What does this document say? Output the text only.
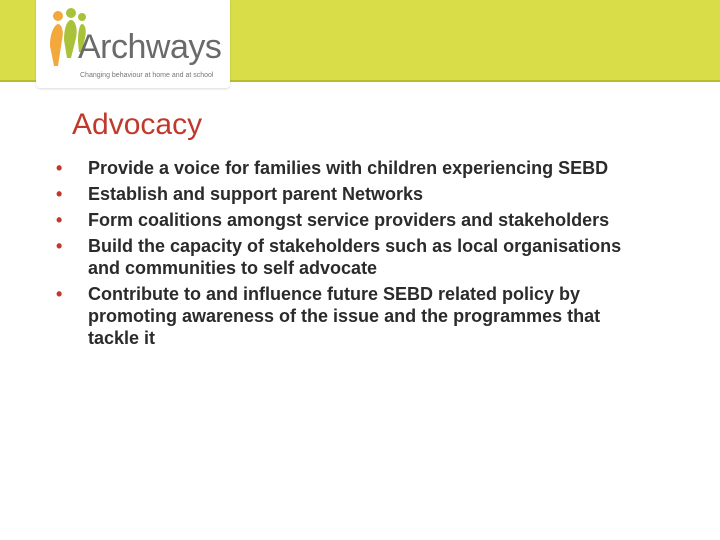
Archways
Changing behaviour at home and at school
Advocacy
• Provide a voice for families with children experiencing SEBD
• Establish and support parent Networks
• Form coalitions amongst service providers and stakeholders
• Build the capacity of stakeholders such as local organisations and communities to self advocate
• Contribute to and influence future SEBD related policy by promoting awareness of the issue and the programmes that tackle it
